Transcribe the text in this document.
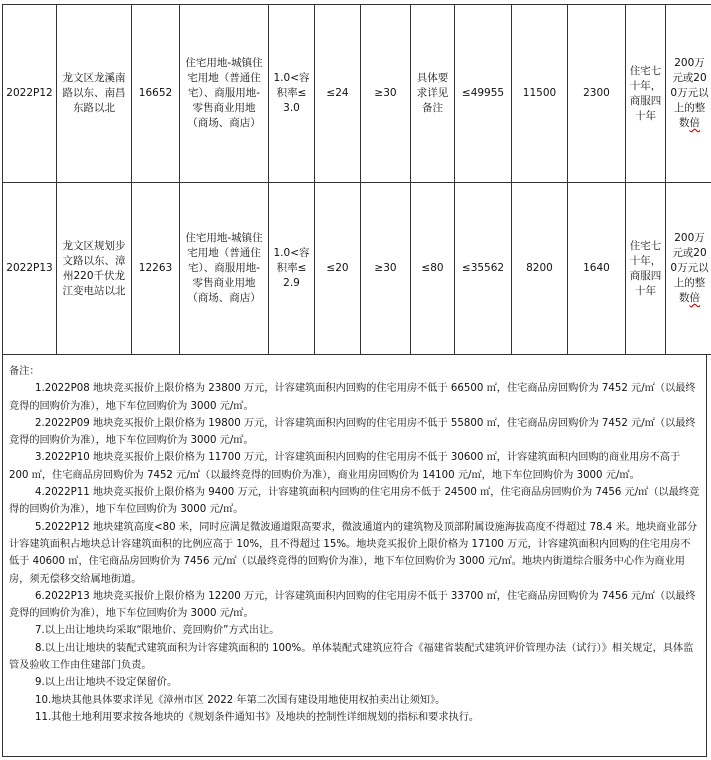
2022P12	龙文区龙溪南路以东、南昌东路以北	16652	住宅用地-城镇住宅用地（普通住宅）、商服用地-零售商业用地（商场、商店）	1.0<容积率≤3.0	≤24	≥30	具体要求详见备注	≤49955	11500	2300	住宅七十年，商服四十年	200万元或200万元以上的整数倍
2022P13	龙文区规划步文路以东、漳州220千伏龙江变电站以北	12263	住宅用地-城镇住宅用地（普通住宅）、商服用地-零售商业用地（商场、商店）	1.0<容积率≤2.9	≤20	≥30	≤80	≤35562	8200	1640	住宅七十年，商服四十年	200万元或200万元以上的整数倍

备注：

1.2022P08 地块竞买报价上限价格为 23800 万元，计容建筑面积内回购的住宅用房不低于 66500 ㎡，住宅商品房回购价为 7452 元/㎡（以最终竞得的回购价为准），地下车位回购价为 3000 元/㎡。

2.2022P09 地块竞买报价上限价格为 19800 万元，计容建筑面积内回购的住宅用房不低于 55800 ㎡，住宅商品房回购价为 7452 元/㎡（以最终竞得的回购价为准），地下车位回购价为 3000 元/㎡。

3.2022P10 地块竞买报价上限价格为 11700 万元，计容建筑面积内回购的住宅用房不低于 30600 ㎡，计容建筑面积内回购的商业用房不高于 200 ㎡，住宅商品房回购价为 7452 元/㎡（以最终竞得的回购价为准），商业用房回购价为 14100 元/㎡，地下车位回购价为 3000 元/㎡。

4.2022P11 地块竞买报价上限价格为 9400 万元，计容建筑面积内回购的住宅用房不低于 24500 ㎡，住宅商品房回购价为 7456 元/㎡（以最终竞得的回购价为准），地下车位回购价为 3000 元/㎡。

5.2022P12 地块建筑高度<80 米，同时应满足微波通道限高要求，微波通道内的建筑物及顶部附属设施海拔高度不得超过 78.4 米。地块商业部分计容建筑面积占地块总计容建筑面积的比例应高于 10%，且不得超过 15%。地块竞买报价上限价格为 17100 万元，计容建筑面积内回购的住宅用房不低于 40600 ㎡，住宅商品房回购价为 7456 元/㎡（以最终竞得的回购价为准），地下车位回购价为 3000 元/㎡。地块内街道综合服务中心作为商业用房，须无偿移交给属地街道。

6.2022P13 地块竞买报价上限价格为 12200 万元，计容建筑面积内回购的住宅用房不低于 33700 ㎡，住宅商品房回购价为 7456 元/㎡（以最终竞得的回购价为准），地下车位回购价为 3000 元/㎡。

7.以上出让地块均采取“限地价、竞回购价”方式出让。

8.以上出让地块的装配式建筑面积为计容建筑面积的 100%。单体装配式建筑应符合《福建省装配式建筑评价管理办法（试行）》相关规定，具体监管及验收工作由住建部门负责。

9.以上出让地块不设定保留价。

10.地块其他具体要求详见《漳州市区 2022 年第二次国有建设用地使用权拍卖出让须知》。

11.其他土地利用要求按各地块的《规划条件通知书》及地块的控制性详细规划的指标和要求执行。
